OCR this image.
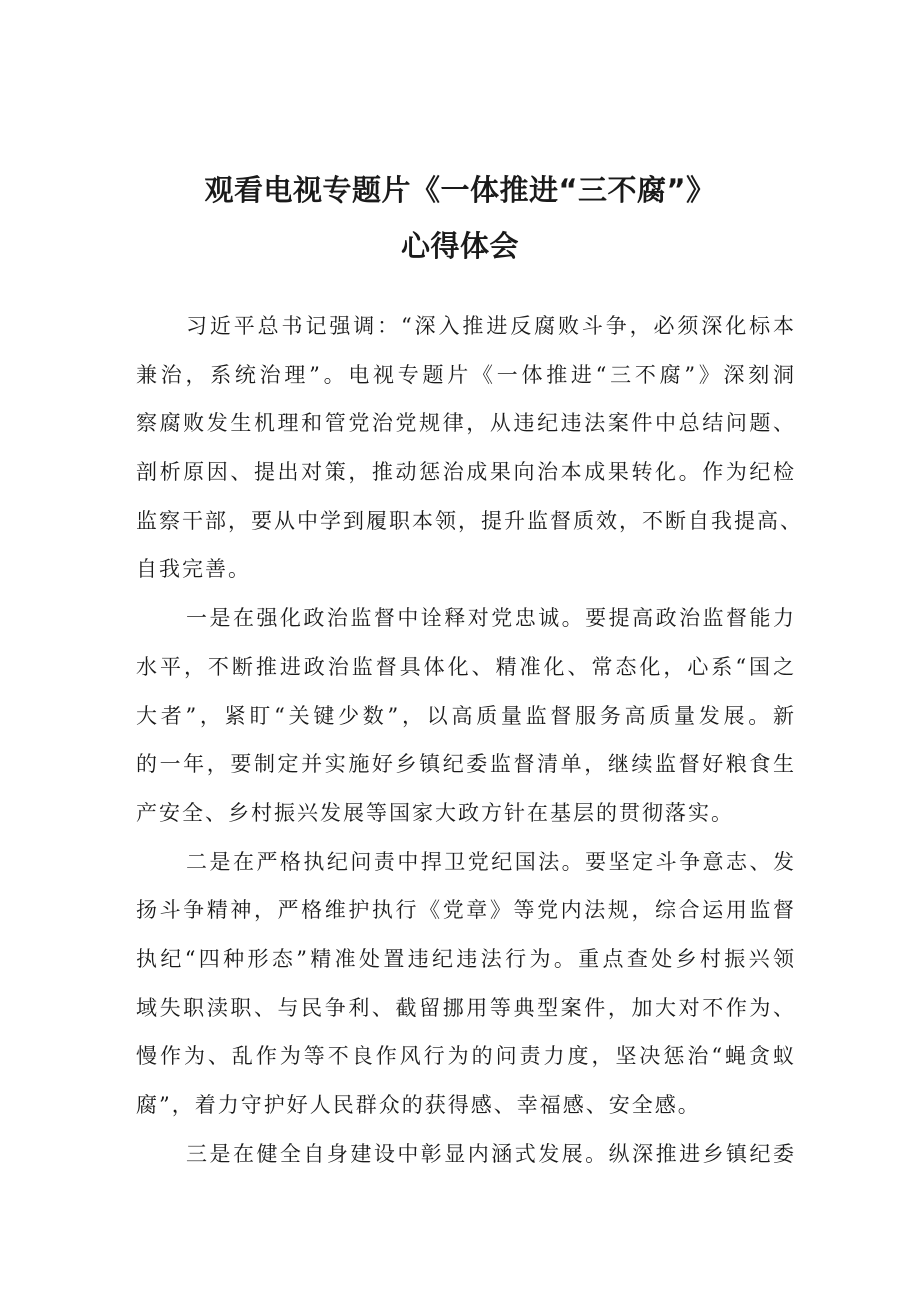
观看电视专题片《一体推进“三不腐”》
心得体会

习近平总书记强调：“深入推进反腐败斗争，必须深化标本
兼治，系统治理”。电视专题片《一体推进“三不腐”》深刻洞
察腐败发生机理和管党治党规律，从违纪违法案件中总结问题、
剖析原因、提出对策，推动惩治成果向治本成果转化。作为纪检
监察干部，要从中学到履职本领，提升监督质效，不断自我提高、
自我完善。

一是在强化政治监督中诠释对党忠诚。要提高政治监督能力
水平，不断推进政治监督具体化、精准化、常态化，心系“国之
大者”，紧盯“关键少数”，以高质量监督服务高质量发展。新
的一年，要制定并实施好乡镇纪委监督清单，继续监督好粮食生
产安全、乡村振兴发展等国家大政方针在基层的贯彻落实。

二是在严格执纪问责中捍卫党纪国法。要坚定斗争意志、发
扬斗争精神，严格维护执行《党章》等党内法规，综合运用监督
执纪“四种形态”精准处置违纪违法行为。重点查处乡村振兴领
域失职渎职、与民争利、截留挪用等典型案件，加大对不作为、
慢作为、乱作为等不良作风行为的问责力度，坚决惩治“蝇贪蚁
腐”，着力守护好人民群众的获得感、幸福感、安全感。

三是在健全自身建设中彰显内涵式发展。纵深推进乡镇纪委
